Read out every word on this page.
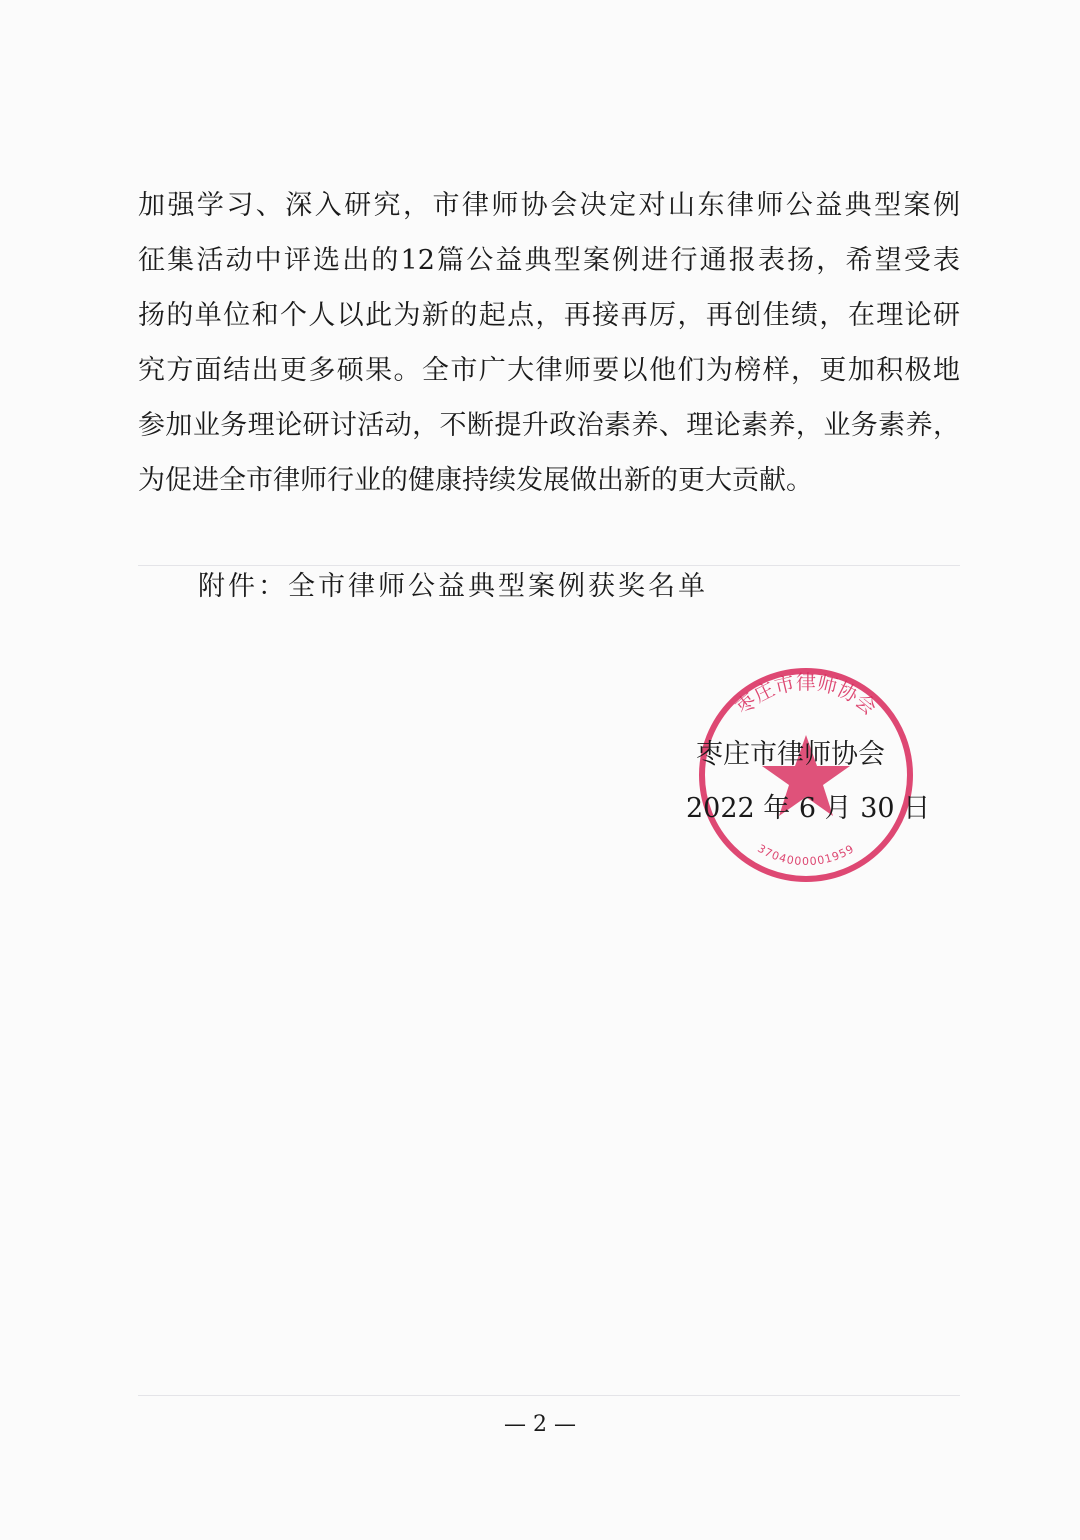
加强学习、深入研究，市律师协会决定对山东律师公益典型案例
征集活动中评选出的12篇公益典型案例进行通报表扬，希望受表
扬的单位和个人以此为新的起点，再接再厉，再创佳绩，在理论研
究方面结出更多硕果。全市广大律师要以他们为榜样，更加积极地
参加业务理论研讨活动，不断提升政治素养、理论素养，业务素养，
为促进全市律师行业的健康持续发展做出新的更大贡献。
附件：全市律师公益典型案例获奖名单
枣庄市律师协会
3704000001959
枣庄市律师协会
2022 年 6 月 30 日
— 2 —
